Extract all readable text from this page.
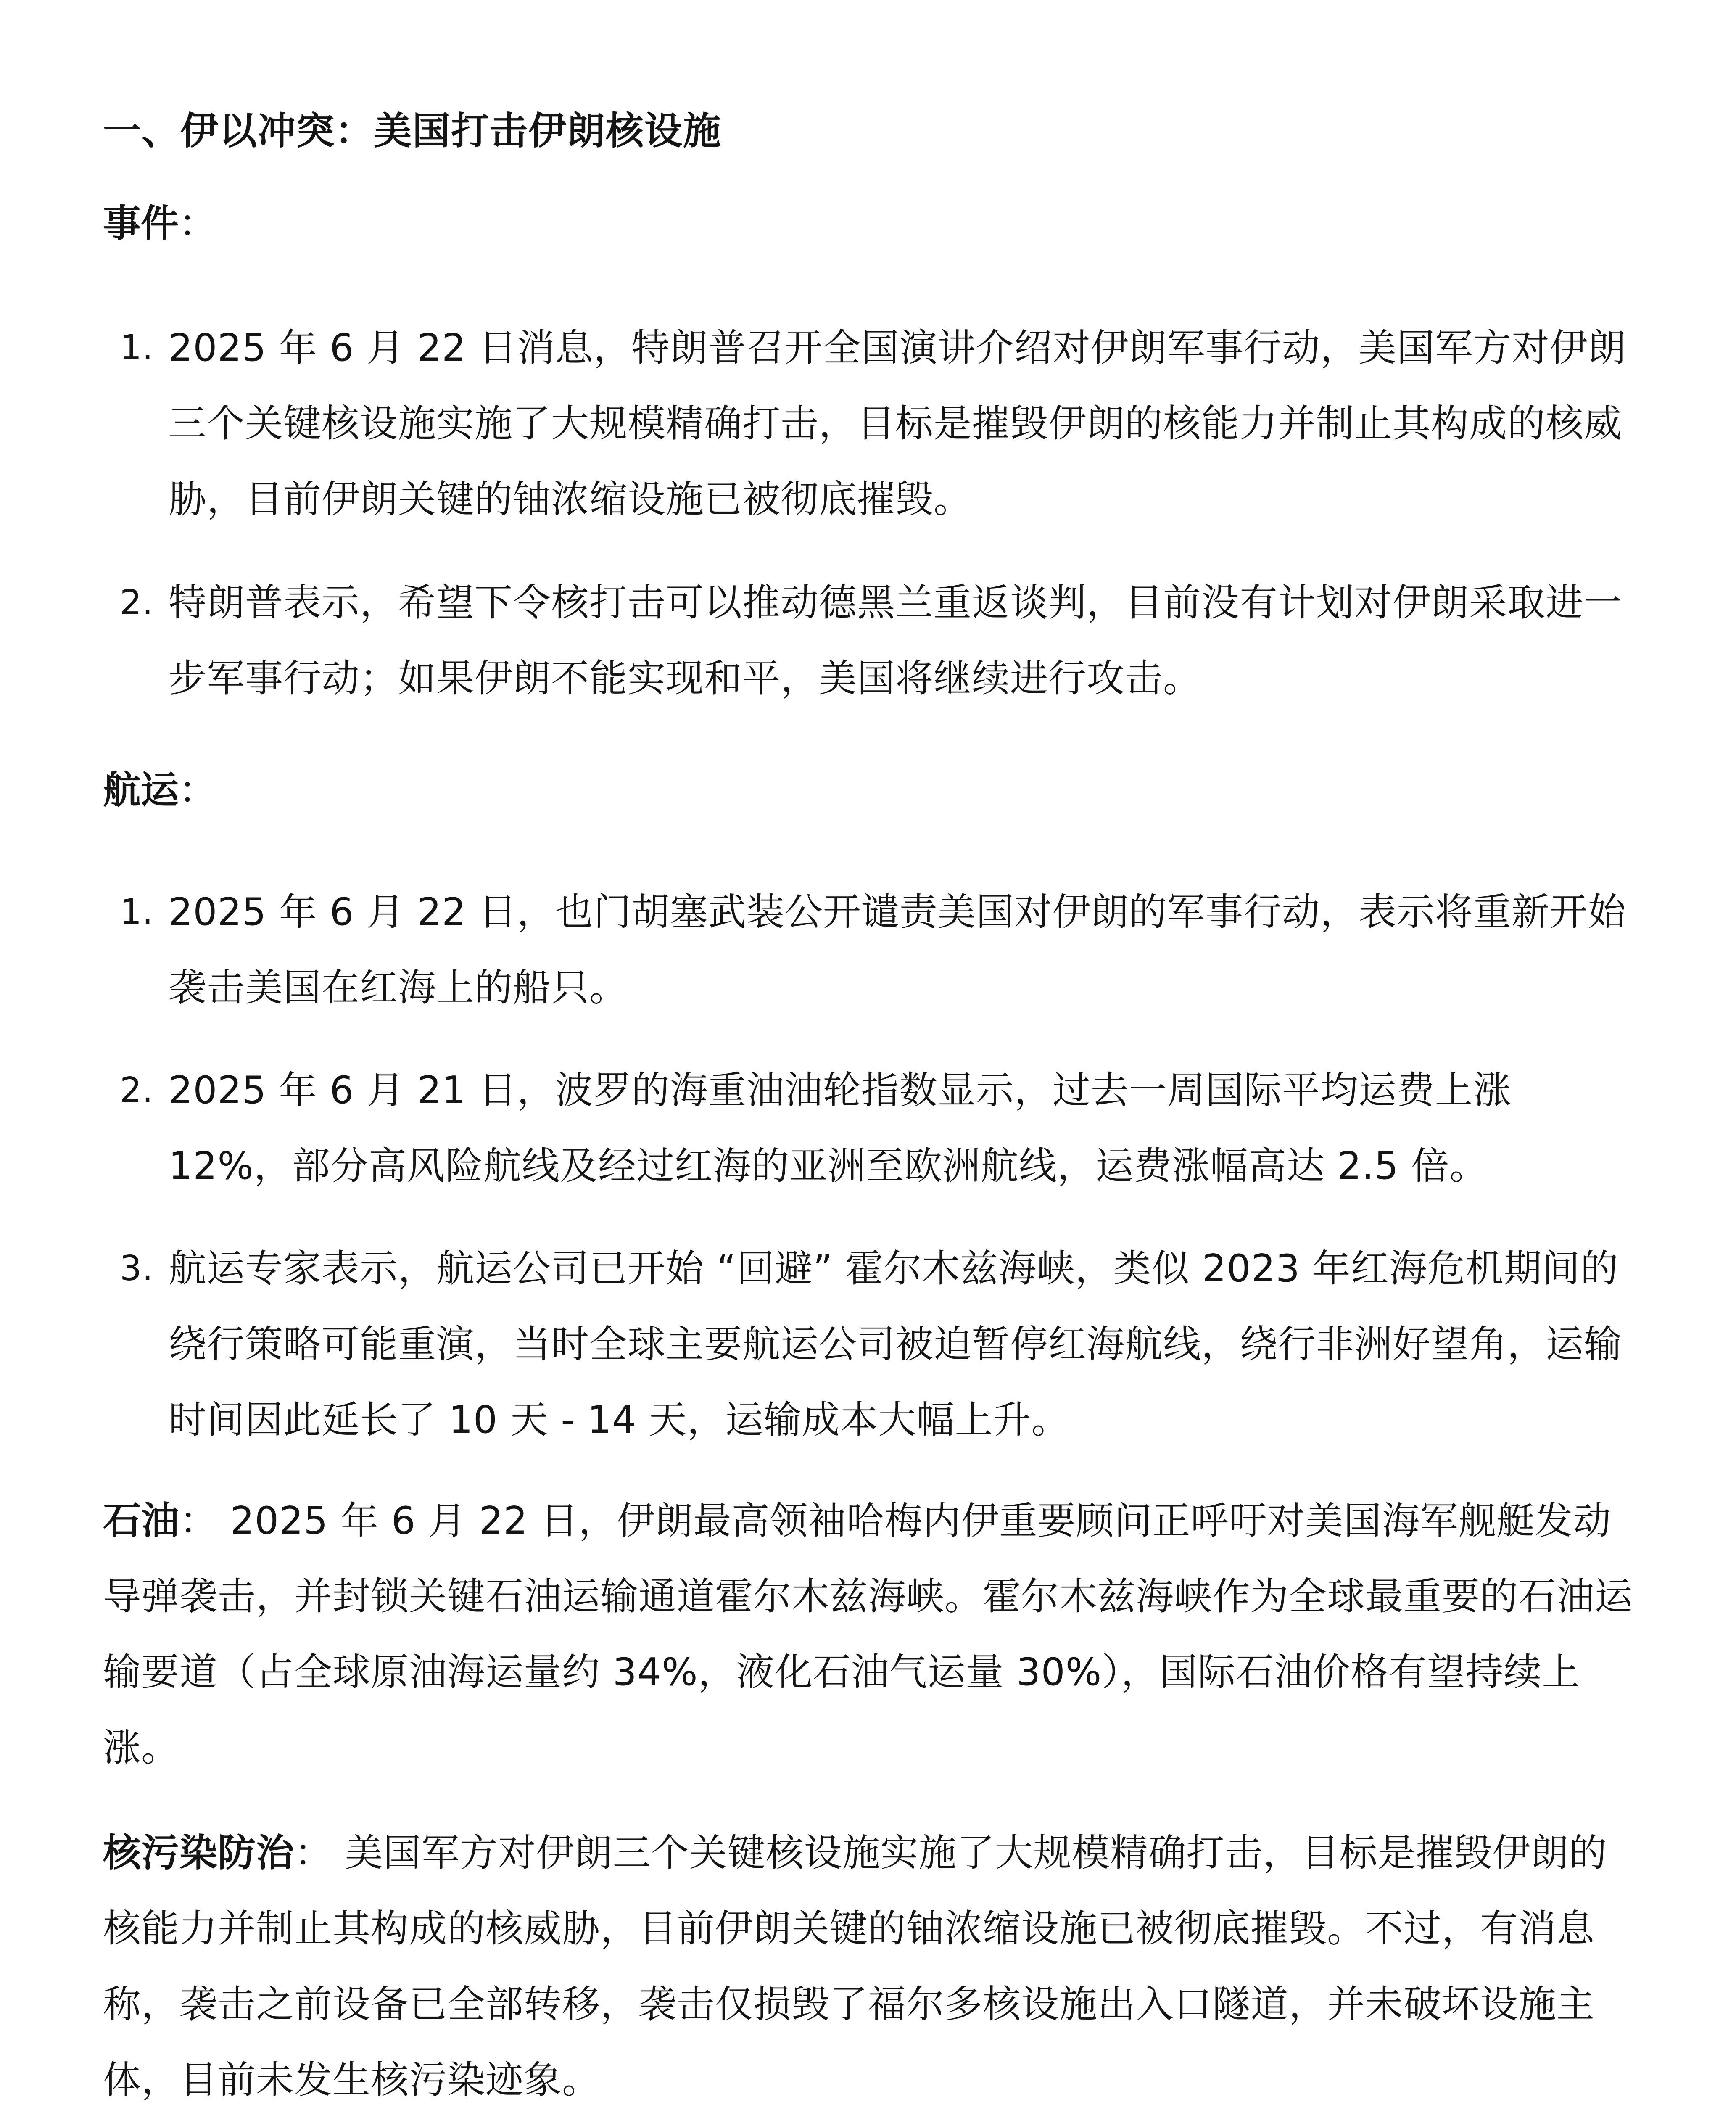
一、伊以冲突：美国打击伊朗核设施

事件：

1. 2025 年 6 月 22 日消息，特朗普召开全国演讲介绍对伊朗军事行动，美国军方对伊朗三个关键核设施实施了大规模精确打击，目标是摧毁伊朗的核能力并制止其构成的核威胁，目前伊朗关键的铀浓缩设施已被彻底摧毁。
2. 特朗普表示，希望下令核打击可以推动德黑兰重返谈判，目前没有计划对伊朗采取进一步军事行动；如果伊朗不能实现和平，美国将继续进行攻击。

航运：

1. 2025 年 6 月 22 日，也门胡塞武装公开谴责美国对伊朗的军事行动，表示将重新开始袭击美国在红海上的船只。
2. 2025 年 6 月 21 日，波罗的海重油油轮指数显示，过去一周国际平均运费上涨 12%，部分高风险航线及经过红海的亚洲至欧洲航线，运费涨幅高达 2.5 倍。
3. 航运专家表示，航运公司已开始 “回避” 霍尔木兹海峡，类似 2023 年红海危机期间的绕行策略可能重演，当时全球主要航运公司被迫暂停红海航线，绕行非洲好望角，运输时间因此延长了 10 天 - 14 天，运输成本大幅上升。

石油： 2025 年 6 月 22 日，伊朗最高领袖哈梅内伊重要顾问正呼吁对美国海军舰艇发动导弹袭击，并封锁关键石油运输通道霍尔木兹海峡。霍尔木兹海峡作为全球最重要的石油运输要道（占全球原油海运量约 34%，液化石油气运量 30%），国际石油价格有望持续上涨。

核污染防治： 美国军方对伊朗三个关键核设施实施了大规模精确打击，目标是摧毁伊朗的核能力并制止其构成的核威胁，目前伊朗关键的铀浓缩设施已被彻底摧毁。不过，有消息称，袭击之前设备已全部转移，袭击仅损毁了福尔多核设施出入口隧道，并未破坏设施主体，目前未发生核污染迹象。
